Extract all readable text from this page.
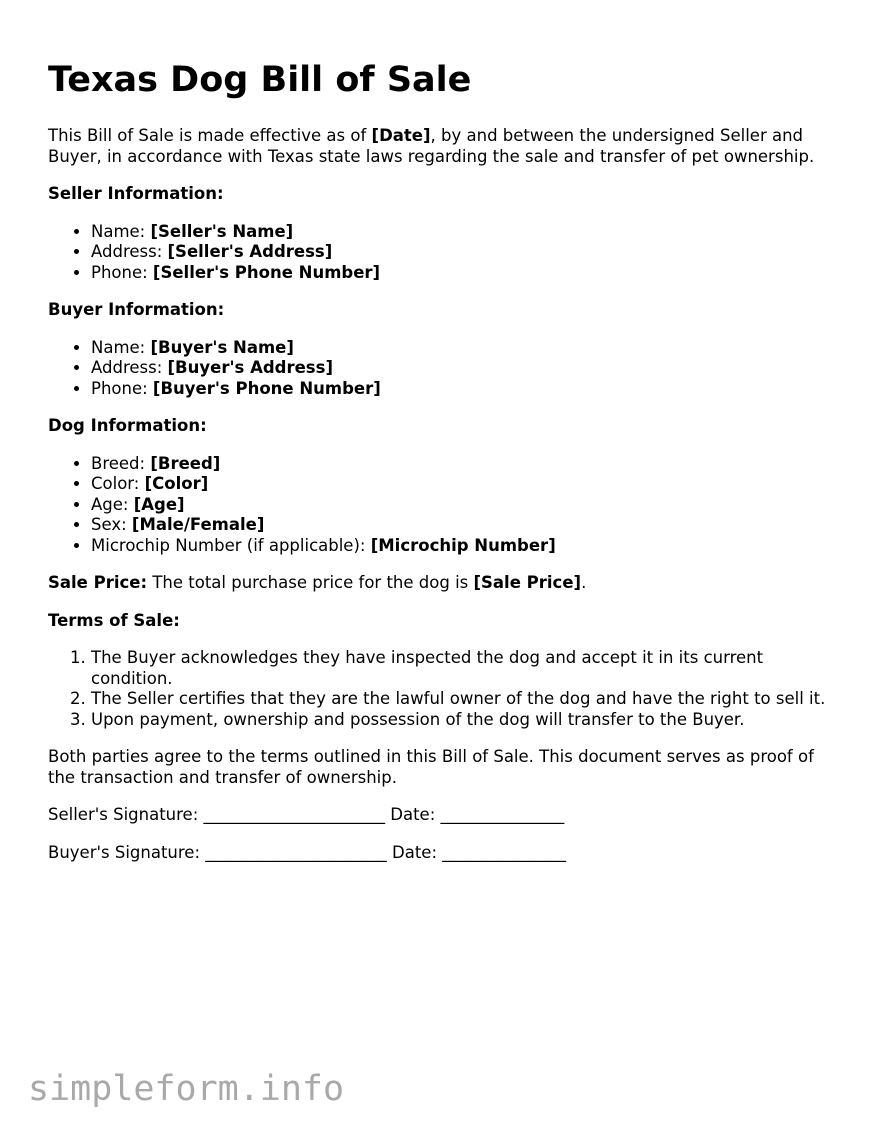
Texas Dog Bill of Sale

This Bill of Sale is made effective as of [Date], by and between the undersigned Seller and Buyer, in accordance with Texas state laws regarding the sale and transfer of pet ownership.

Seller Information:
• Name: [Seller's Name]
• Address: [Seller's Address]
• Phone: [Seller's Phone Number]
Buyer Information:
• Name: [Buyer's Name]
• Address: [Buyer's Address]
• Phone: [Buyer's Phone Number]
Dog Information:
• Breed: [Breed]
• Color: [Color]
• Age: [Age]
• Sex: [Male/Female]
• Microchip Number (if applicable): [Microchip Number]

Sale Price: The total purchase price for the dog is [Sale Price].

Terms of Sale:
1. The Buyer acknowledges they have inspected the dog and accept it in its current condition.
2. The Seller certifies that they are the lawful owner of the dog and have the right to sell it.
3. Upon payment, ownership and possession of the dog will transfer to the Buyer.

Both parties agree to the terms outlined in this Bill of Sale. This document serves as proof of the transaction and transfer of ownership.

Seller's Signature: ______________________ Date: _______________
Buyer's Signature: ______________________ Date: _______________
simpleform.info
